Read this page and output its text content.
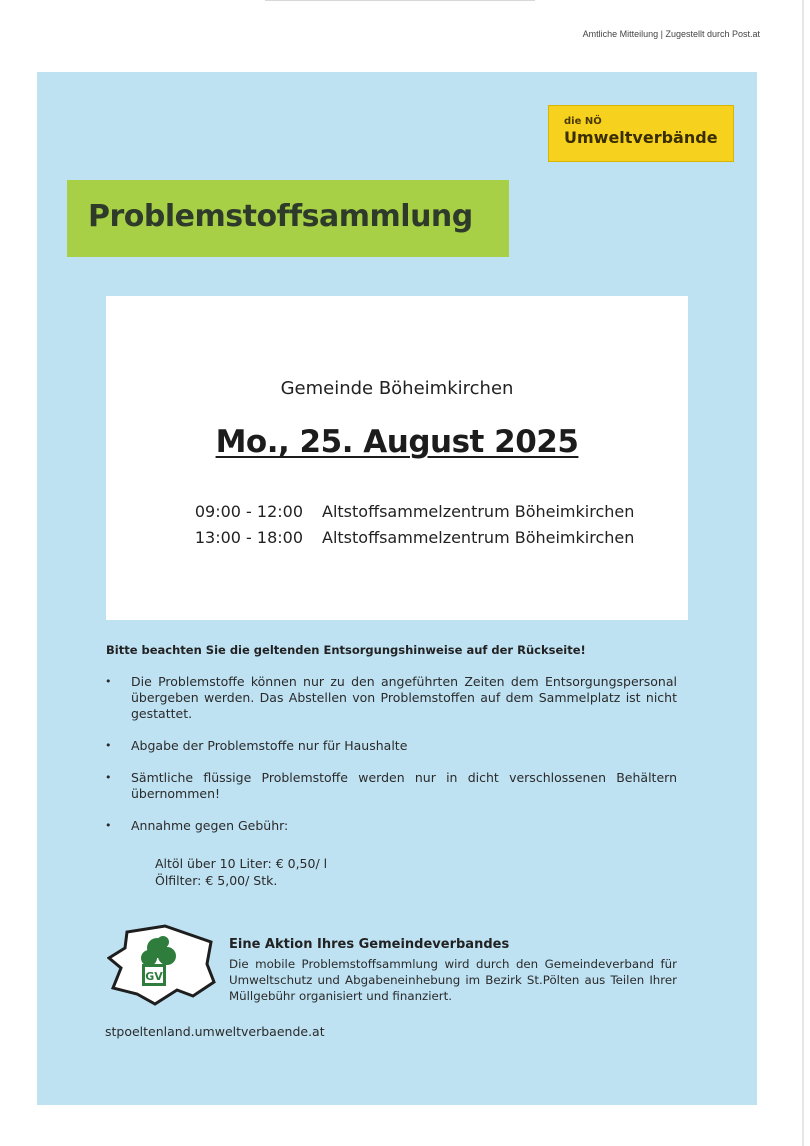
Amtliche Mitteilung | Zugestellt durch Post.at
die NÖ
Umweltverbände
Problemstoffsammlung
Gemeinde Böheimkirchen
Mo., 25. August 2025
09:00 - 12:00 Altstoffsammelzentrum Böheimkirchen
13:00 - 18:00 Altstoffsammelzentrum Böheimkirchen
Bitte beachten Sie die geltenden Entsorgungshinweise auf der Rückseite!
• Die Problemstoffe können nur zu den angeführten Zeiten dem Entsorgungspersonal übergeben werden. Das Abstellen von Problemstoffen auf dem Sammelplatz ist nicht gestattet.
• Abgabe der Problemstoffe nur für Haushalte
• Sämtliche flüssige Problemstoffe werden nur in dicht verschlossenen Behältern übernommen!
• Annahme gegen Gebühr:
Altöl über 10 Liter: € 0,50/ l
Ölfilter: € 5,00/ Stk.
GV
Eine Aktion Ihres Gemeindeverbandes
Die mobile Problemstoffsammlung wird durch den Gemeindeverband für Umweltschutz und Abgabeneinhebung im Bezirk St.Pölten aus Teilen Ihrer Müllgebühr organisiert und finanziert.
stpoeltenland.umweltverbaende.at
